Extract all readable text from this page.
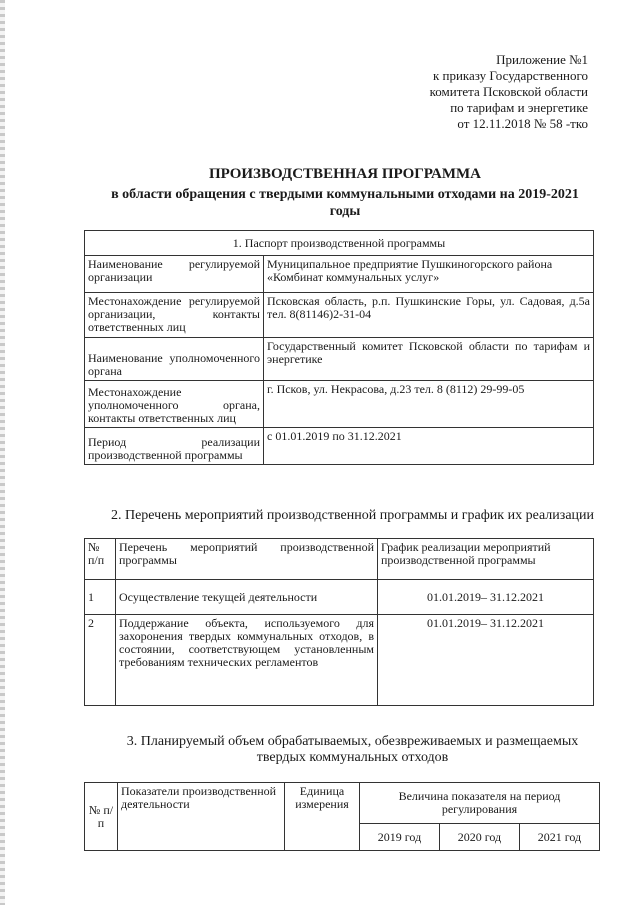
Приложение №1
к приказу Государственного
комитета Псковской области
по тарифам и энергетике
от 12.11.2018 № 58 -тко
ПРОИЗВОДСТВЕННАЯ ПРОГРАММА
в области обращения с твердыми коммунальными отходами на 2019-2021 годы
1. Паспорт производственной программы	
Наименование регулируемой организации	Муниципальное предприятие Пушкиногорского района «Комбинат коммунальных услуг»
Местонахождение регулируемой организации, контакты ответственных лиц	Псковская область, р.п. Пушкинские Горы, ул. Садовая, д.5а тел. 8(81146)2-31-04
Наименование уполномоченного органа	Государственный комитет Псковской области по тарифам и энергетике
Местонахождение уполномоченного органа, контакты ответственных лиц	г. Псков, ул. Некрасова, д.23 тел. 8 (8112) 29-99-05
Период реализации производственной программы	с 01.01.2019 по 31.12.2021
2. Перечень мероприятий производственной программы и график их реализации
№ п/п	Перечень мероприятий производственной программы	График реализации мероприятий производственной программы
1	Осуществление текущей деятельности	01.01.2019– 31.12.2021
2	Поддержание объекта, используемого для захоронения твердых коммунальных отходов, в состоянии, соответствующем установленным требованиям технических регламентов	01.01.2019– 31.12.2021
3. Планируемый объем обрабатываемых, обезвреживаемых и размещаемых твердых коммунальных отходов
№ п/п	Показатели производственной деятельности	Единица измерения	Величина показателя на период регулирования		
			2019 год	2020 год	2021 год
